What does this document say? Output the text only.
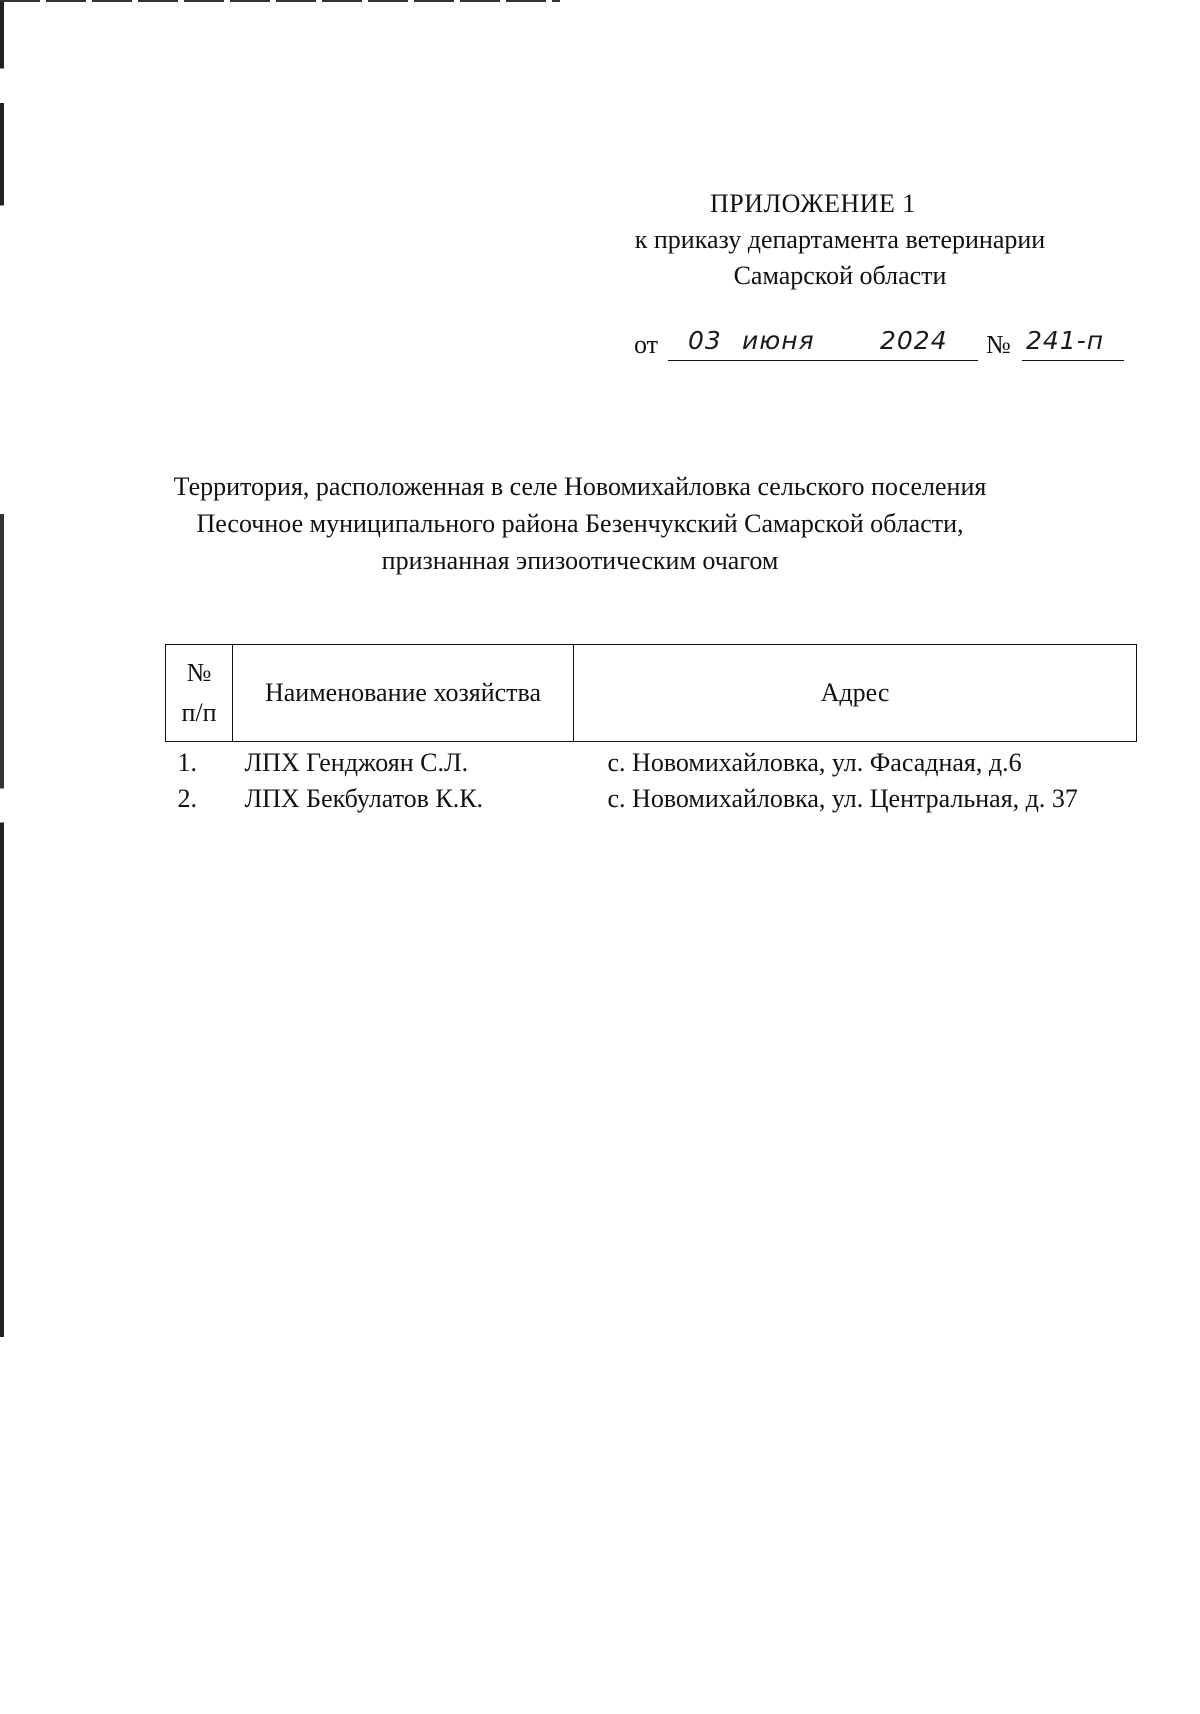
ПРИЛОЖЕНИЕ 1
к приказу департамента ветеринарии
Самарской области
от 03 июня	2024 № 241-п
Территория, расположенная в селе Новомихайловка сельского поселения
Песочное муниципального района Безенчукский Самарской области,
признанная эпизоотическим очагом
№
п/п	Наименование хозяйства	Адрес
1.	ЛПХ Генджоян С.Л.	с. Новомихайловка, ул. Фасадная, д.6
2.	ЛПХ Бекбулатов К.К.	с. Новомихайловка, ул. Центральная, д. 37
